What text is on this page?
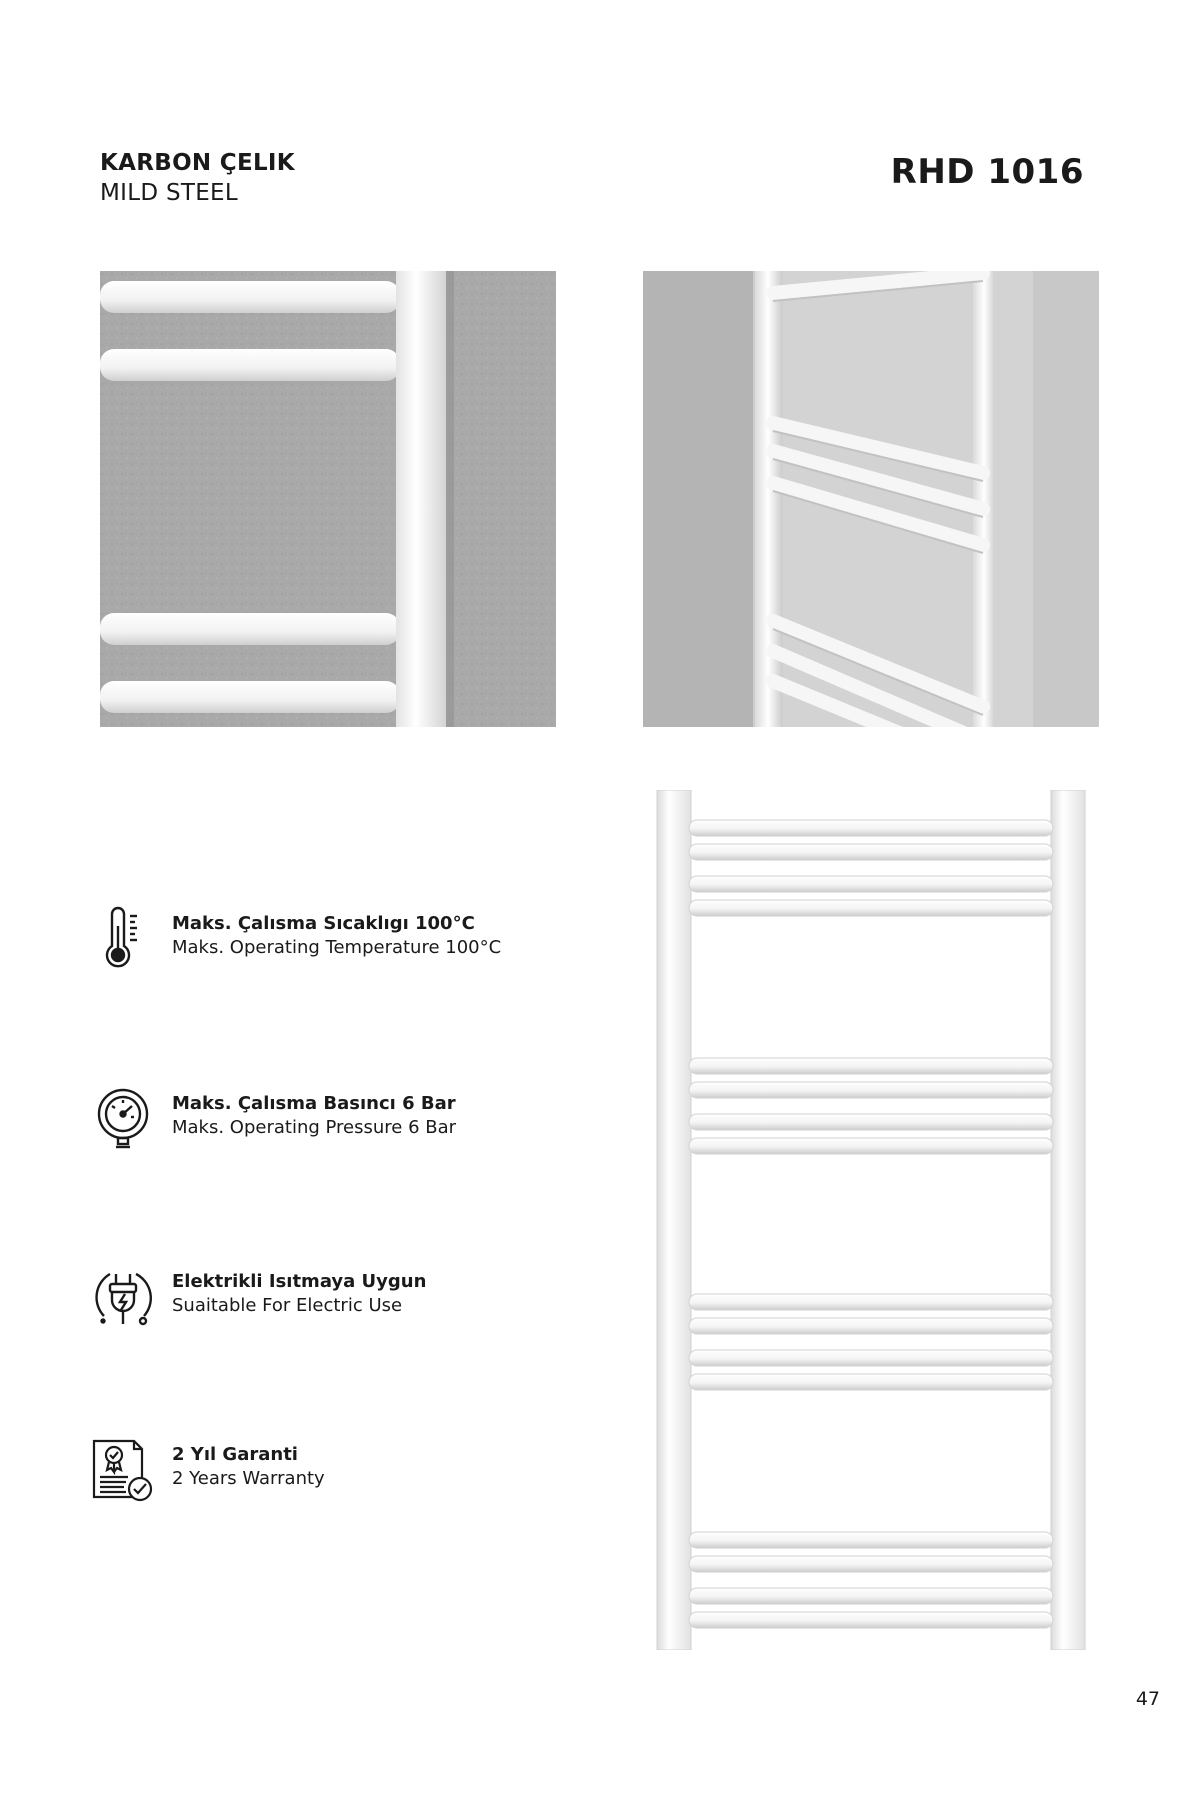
KARBON ÇELIK
MILD STEEL
RHD 1016
Maks. Çalısma Sıcaklıgı 100°C
Maks. Operating Temperature 100°C
Maks. Çalısma Basıncı 6 Bar
Maks. Operating Pressure 6 Bar
Elektrikli Isıtmaya Uygun
Suaitable For Electric Use
2 Yıl Garanti
2 Years Warranty
47
